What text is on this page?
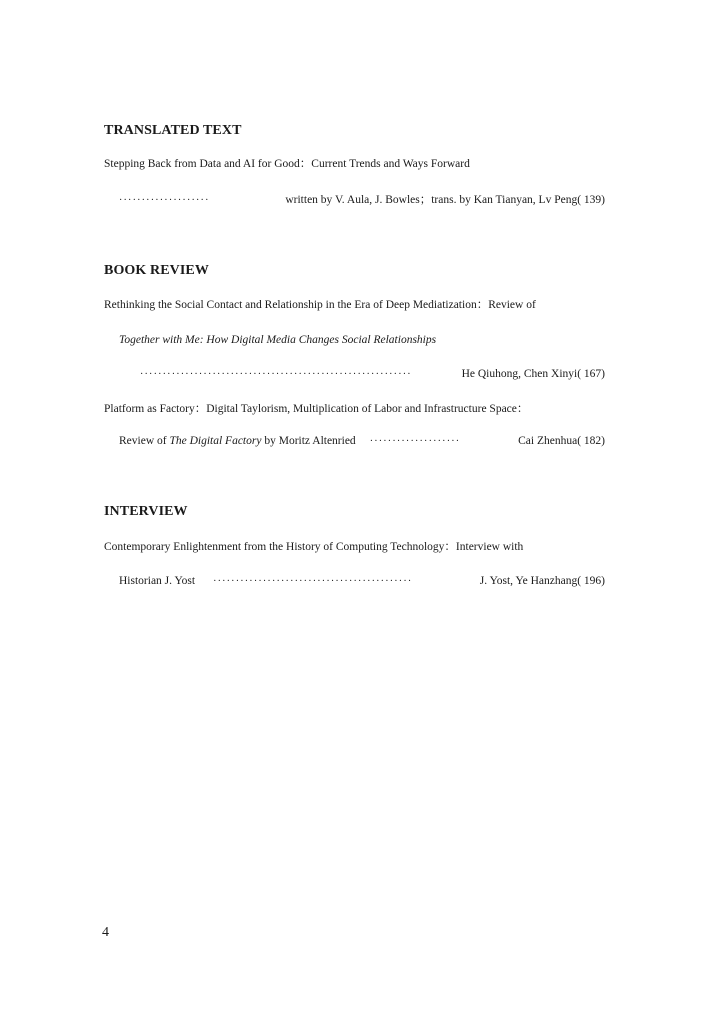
TRANSLATED TEXT
Stepping Back from Data and AI for Good：Current Trends and Ways Forward
····················	written by V. Aula, J. Bowles；trans. by Kan Tianyan, Lv Peng( 139)
BOOK REVIEW
Rethinking the Social Contact and Relationship in the Era of Deep Mediatization：Review of
Together with Me: How Digital Media Changes Social Relationships
····························································	He Qiuhong, Chen Xinyi( 167)
Platform as Factory：Digital Taylorism, Multiplication of Labor and Infrastructure Space：
Review of The Digital Factory by Moritz Altenried ····················	Cai Zhenhua( 182)
INTERVIEW
Contemporary Enlightenment from the History of Computing Technology：Interview with
Historian J. Yost ············································	J. Yost, Ye Hanzhang( 196)
4
